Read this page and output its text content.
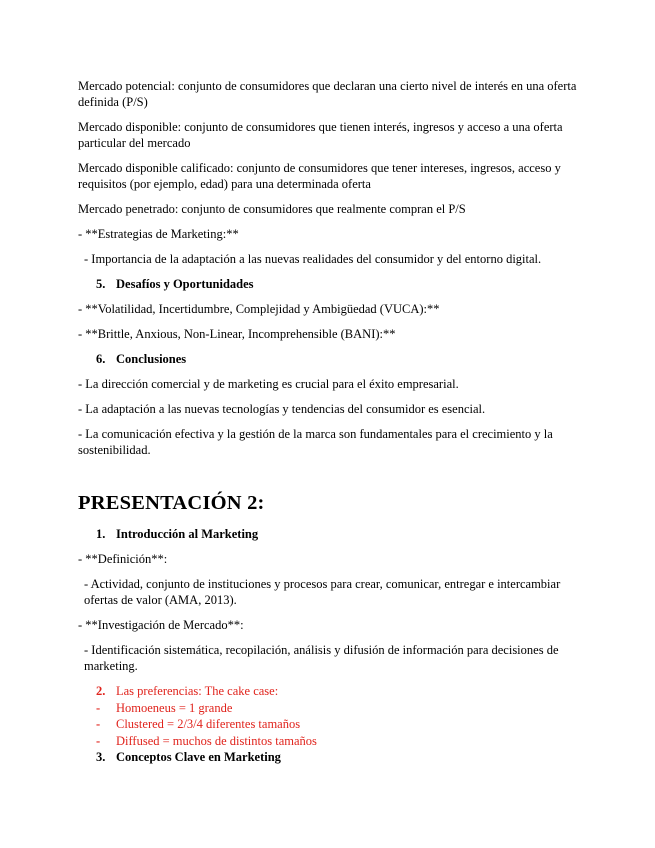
Mercado potencial: conjunto de consumidores que declaran una cierto nivel de interés en una oferta definida (P/S)

Mercado disponible: conjunto de consumidores que tienen interés, ingresos y acceso a una oferta particular del mercado

Mercado disponible calificado: conjunto de consumidores que tener intereses, ingresos, acceso y requisitos (por ejemplo, edad) para una determinada oferta

Mercado penetrado: conjunto de consumidores que realmente compran el P/S

- **Estrategias de Marketing:**

- Importancia de la adaptación a las nuevas realidades del consumidor y del entorno digital.

5. Desafíos y Oportunidades

- **Volatilidad, Incertidumbre, Complejidad y Ambigüedad (VUCA):**

- **Brittle, Anxious, Non-Linear, Incomprehensible (BANI):**

6. Conclusiones

- La dirección comercial y de marketing es crucial para el éxito empresarial.

- La adaptación a las nuevas tecnologías y tendencias del consumidor es esencial.

- La comunicación efectiva y la gestión de la marca son fundamentales para el crecimiento y la sostenibilidad.

PRESENTACIÓN 2:
1. Introducción al Marketing

- **Definición**:

- Actividad, conjunto de instituciones y procesos para crear, comunicar, entregar e intercambiar ofertas de valor (AMA, 2013).

- **Investigación de Mercado**:

- Identificación sistemática, recopilación, análisis y difusión de información para decisiones de marketing.

2. Las preferencias: The cake case:
-	Homoeneus = 1 grande
-	Clustered = 2/3/4 diferentes tamaños
-	Diffused = muchos de distintos tamaños
3. Conceptos Clave en Marketing
